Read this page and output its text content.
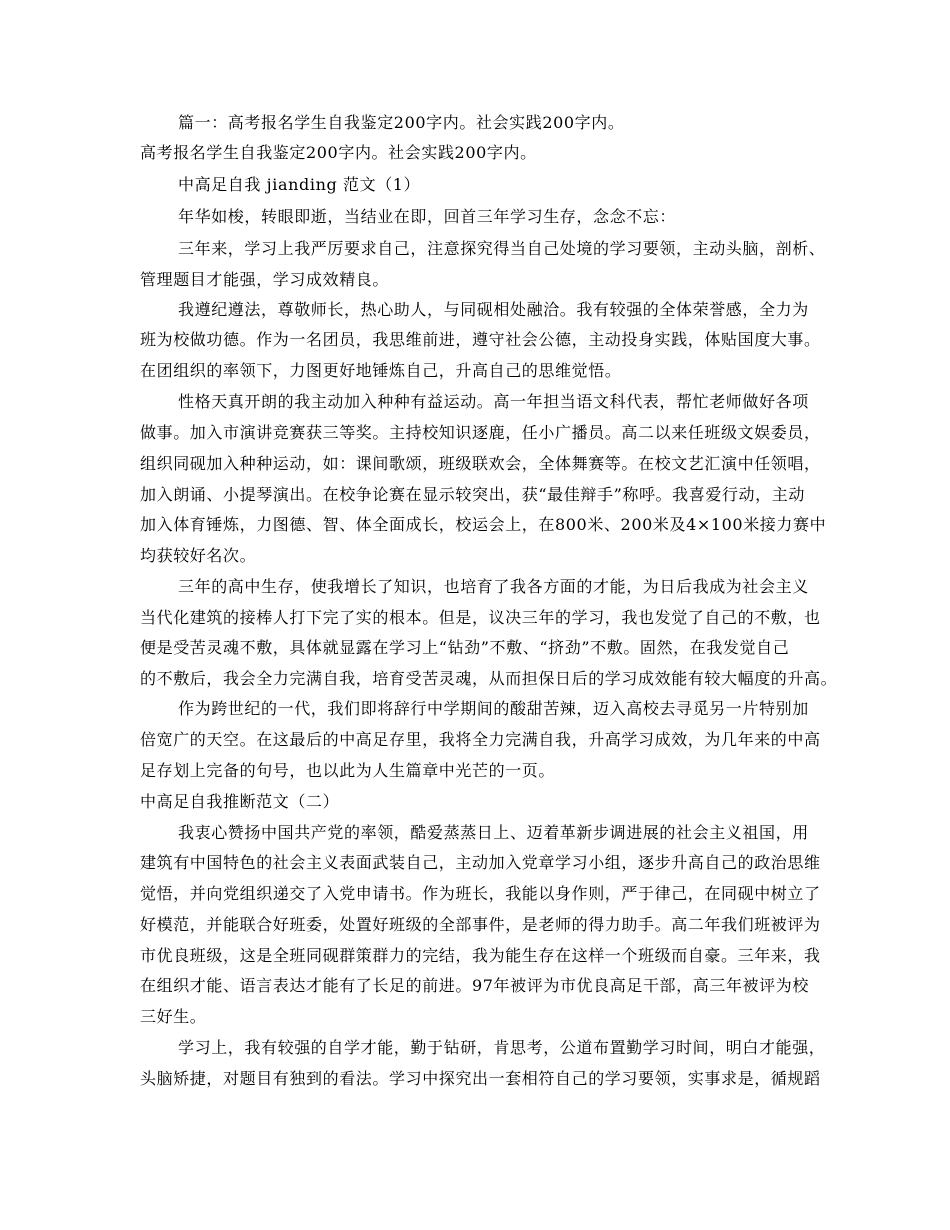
篇一：高考报名学生自我鉴定200字内。社会实践200字内。
高考报名学生自我鉴定200字内。社会实践200字内。
中高足自我 jianding 范文（1）
年华如梭，转眼即逝，当结业在即，回首三年学习生存，念念不忘：
三年来，学习上我严厉要求自己，注意探究得当自己处境的学习要领，主动头脑，剖析、
管理题目才能强，学习成效精良。
我遵纪遵法，尊敬师长，热心助人，与同砚相处融洽。我有较强的全体荣誉感，全力为
班为校做功德。作为一名团员，我思维前进，遵守社会公德，主动投身实践，体贴国度大事。
在团组织的率领下，力图更好地锤炼自己，升高自己的思维觉悟。
性格天真开朗的我主动加入种种有益运动。高一年担当语文科代表，帮忙老师做好各项
做事。加入市演讲竞赛获三等奖。主持校知识逐鹿，任小广播员。高二以来任班级文娱委员，
组织同砚加入种种运动，如：课间歌颂，班级联欢会，全体舞赛等。在校文艺汇演中任领唱，
加入朗诵、小提琴演出。在校争论赛在显示较突出，获“最佳辩手”称呼。我喜爱行动，主动
加入体育锤炼，力图德、智、体全面成长，校运会上，在800米、200米及4×100米接力赛中
均获较好名次。
三年的高中生存，使我增长了知识，也培育了我各方面的才能，为日后我成为社会主义
当代化建筑的接棒人打下完了实的根本。但是，议决三年的学习，我也发觉了自己的不敷，也
便是受苦灵魂不敷，具体就显露在学习上“钻劲”不敷、“挤劲”不敷。固然，在我发觉自己
的不敷后，我会全力完满自我，培育受苦灵魂，从而担保日后的学习成效能有较大幅度的升高。
作为跨世纪的一代，我们即将辞行中学期间的酸甜苦辣，迈入高校去寻觅另一片特别加
倍宽广的天空。在这最后的中高足存里，我将全力完满自我，升高学习成效，为几年来的中高
足存划上完备的句号，也以此为人生篇章中光芒的一页。
中高足自我推断范文（二）
我衷心赞扬中国共产党的率领，酷爱蒸蒸日上、迈着革新步调进展的社会主义祖国，用
建筑有中国特色的社会主义表面武装自己，主动加入党章学习小组，逐步升高自己的政治思维
觉悟，并向党组织递交了入党申请书。作为班长，我能以身作则，严于律己，在同砚中树立了
好模范，并能联合好班委，处置好班级的全部事件，是老师的得力助手。高二年我们班被评为
市优良班级，这是全班同砚群策群力的完结，我为能生存在这样一个班级而自豪。三年来，我
在组织才能、语言表达才能有了长足的前进。97年被评为市优良高足干部，高三年被评为校
三好生。
学习上，我有较强的自学才能，勤于钻研，肯思考，公道布置勤学习时间，明白才能强，
头脑矫捷，对题目有独到的看法。学习中探究出一套相符自己的学习要领，实事求是，循规蹈
